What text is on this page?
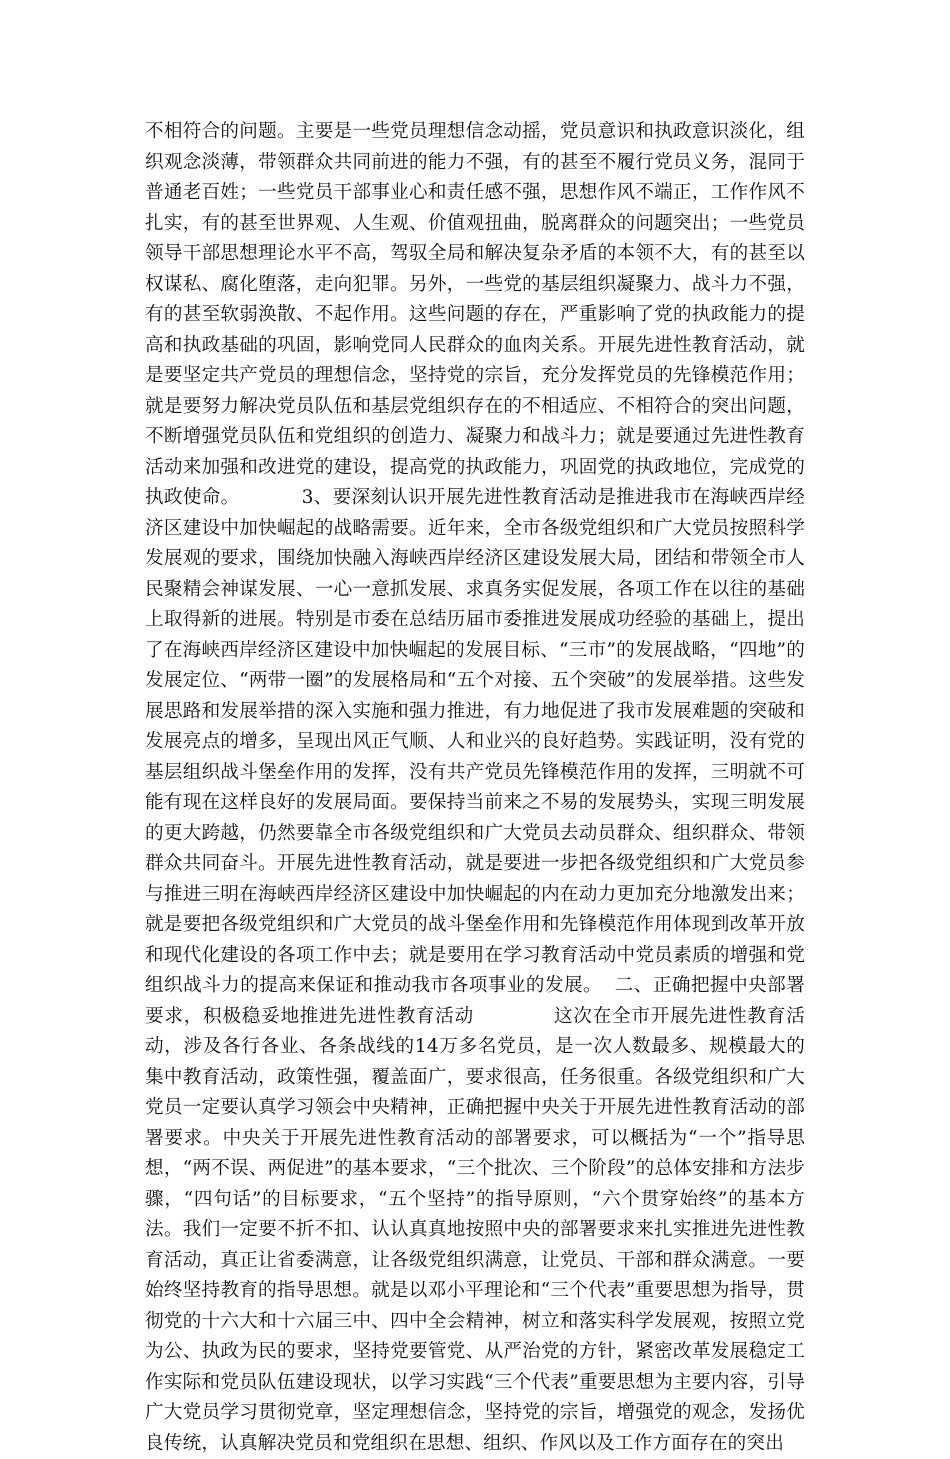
不相符合的问题。主要是一些党员理想信念动摇，党员意识和执政意识淡化，组织观念淡薄，带领群众共同前进的能力不强，有的甚至不履行党员义务，混同于普通老百姓；一些党员干部事业心和责任感不强，思想作风不端正，工作作风不扎实，有的甚至世界观、人生观、价值观扭曲，脱离群众的问题突出；一些党员领导干部思想理论水平不高，驾驭全局和解决复杂矛盾的本领不大，有的甚至以权谋私、腐化堕落，走向犯罪。另外，一些党的基层组织凝聚力、战斗力不强，有的甚至软弱涣散、不起作用。这些问题的存在，严重影响了党的执政能力的提高和执政基础的巩固，影响党同人民群众的血肉关系。开展先进性教育活动，就是要坚定共产党员的理想信念，坚持党的宗旨，充分发挥党员的先锋模范作用；就是要努力解决党员队伍和基层党组织存在的不相适应、不相符合的突出问题，不断增强党员队伍和党组织的创造力、凝聚力和战斗力；就是要通过先进性教育活动来加强和改进党的建设，提高党的执政能力，巩固党的执政地位，完成党的执政使命。          3、要深刻认识开展先进性教育活动是推进我市在海峡西岸经济区建设中加快崛起的战略需要。近年来，全市各级党组织和广大党员按照科学发展观的要求，围绕加快融入海峡西岸经济区建设发展大局，团结和带领全市人民聚精会神谋发展、一心一意抓发展、求真务实促发展，各项工作在以往的基础上取得新的进展。特别是市委在总结历届市委推进发展成功经验的基础上，提出了在海峡西岸经济区建设中加快崛起的发展目标、“三市”的发展战略，“四地”的发展定位、“两带一圈”的发展格局和“五个对接、五个突破”的发展举措。这些发展思路和发展举措的深入实施和强力推进，有力地促进了我市发展难题的突破和发展亮点的增多，呈现出风正气顺、人和业兴的良好趋势。实践证明，没有党的基层组织战斗堡垒作用的发挥，没有共产党员先锋模范作用的发挥，三明就不可能有现在这样良好的发展局面。要保持当前来之不易的发展势头，实现三明发展的更大跨越，仍然要靠全市各级党组织和广大党员去动员群众、组织群众、带领群众共同奋斗。开展先进性教育活动，就是要进一步把各级党组织和广大党员参与推进三明在海峡西岸经济区建设中加快崛起的内在动力更加充分地激发出来；就是要把各级党组织和广大党员的战斗堡垒作用和先锋模范作用体现到改革开放和现代化建设的各项工作中去；就是要用在学习教育活动中党员素质的增强和党组织战斗力的提高来保证和推动我市各项事业的发展。  二、正确把握中央部署要求，积极稳妥地推进先进性教育活动            这次在全市开展先进性教育活动，涉及各行各业、各条战线的14万多名党员，是一次人数最多、规模最大的集中教育活动，政策性强，覆盖面广，要求很高，任务很重。各级党组织和广大党员一定要认真学习领会中央精神，正确把握中央关于开展先进性教育活动的部署要求。中央关于开展先进性教育活动的部署要求，可以概括为“一个”指导思想，“两不误、两促进”的基本要求，“三个批次、三个阶段”的总体安排和方法步骤，“四句话”的目标要求，“五个坚持”的指导原则，“六个贯穿始终”的基本方法。我们一定要不折不扣、认认真真地按照中央的部署要求来扎实推进先进性教育活动，真正让省委满意，让各级党组织满意，让党员、干部和群众满意。一要始终坚持教育的指导思想。就是以邓小平理论和“三个代表”重要思想为指导，贯彻党的十六大和十六届三中、四中全会精神，树立和落实科学发展观，按照立党为公、执政为民的要求，坚持党要管党、从严治党的方针，紧密改革发展稳定工作实际和党员队伍建设现状，以学习实践“三个代表”重要思想为主要内容，引导广大党员学习贯彻党章，坚定理想信念，坚持党的宗旨，增强党的观念，发扬优良传统，认真解决党员和党组织在思想、组织、作风以及工作方面存在的突出
